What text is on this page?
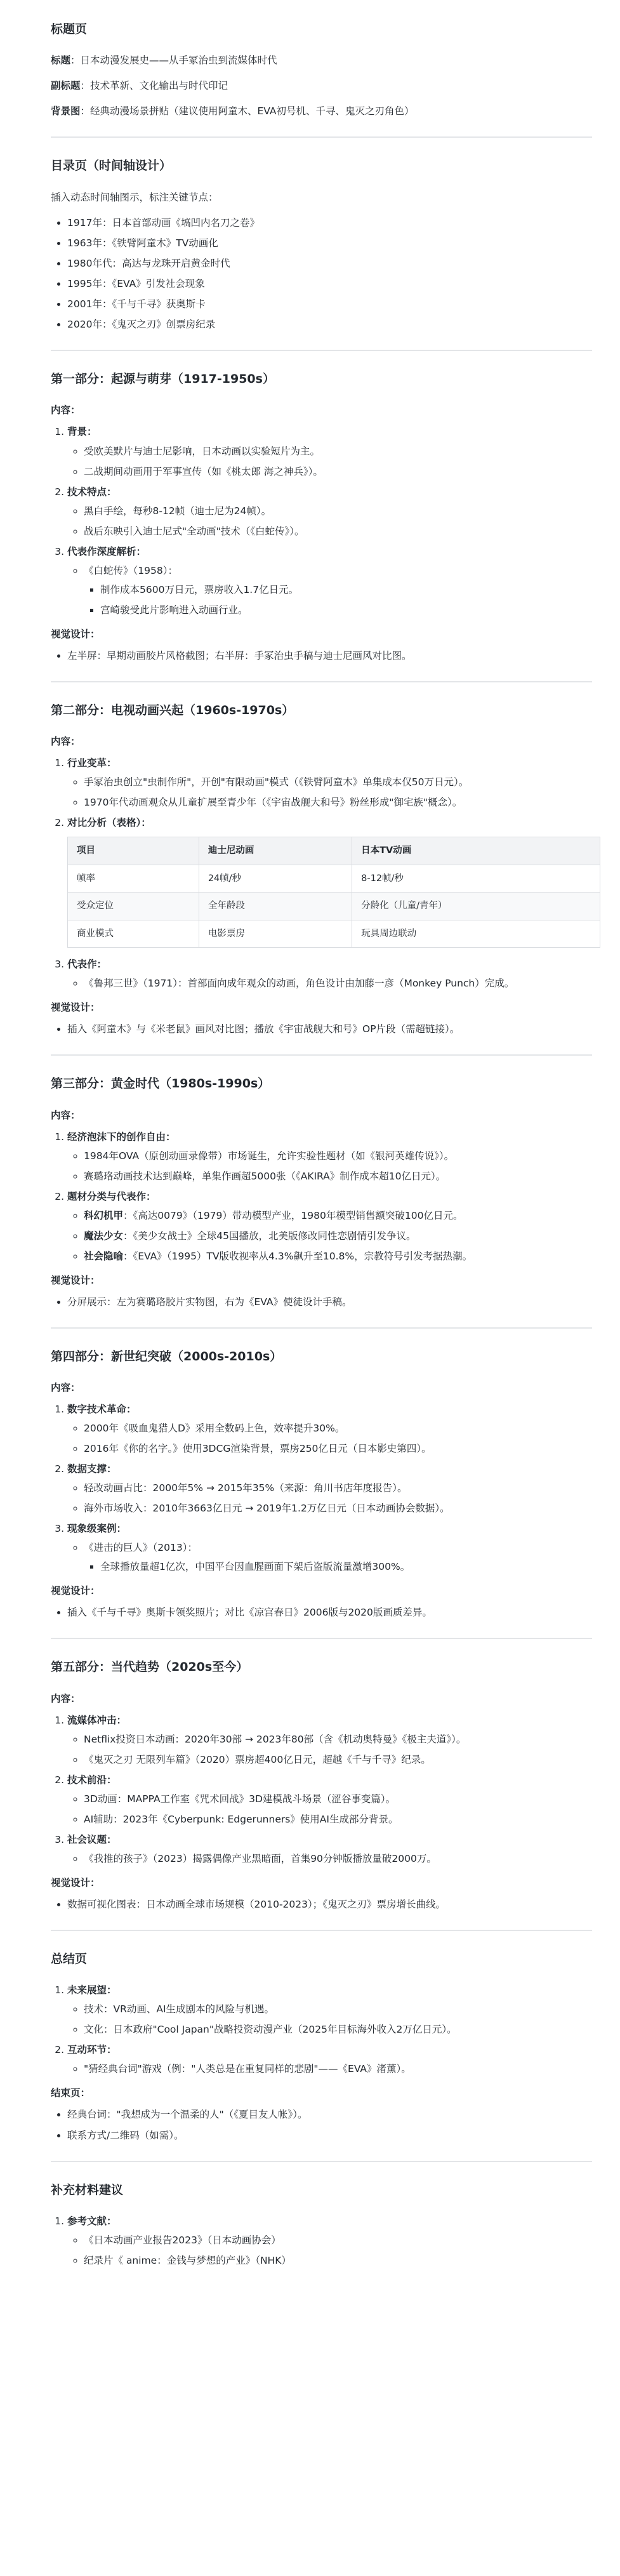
标题页

标题：日本动漫发展史——从手冢治虫到流媒体时代

副标题：技术革新、文化输出与时代印记

背景图：经典动漫场景拼贴（建议使用阿童木、EVA初号机、千寻、鬼灭之刃角色）

目录页（时间轴设计）

插入动态时间轴图示，标注关键节点：

• 1917年：日本首部动画《塙凹内名刀之卷》
• 1963年：《铁臂阿童木》TV动画化
• 1980年代：高达与龙珠开启黄金时代
• 1995年：《EVA》引发社会现象
• 2001年：《千与千寻》获奥斯卡
• 2020年：《鬼灭之刃》创票房纪录
第一部分：起源与萌芽（1917-1950s）

内容：

1. 背景：
◦ 受欧美默片与迪士尼影响，日本动画以实验短片为主。
◦ 二战期间动画用于军事宣传（如《桃太郎 海之神兵》）。
2. 技术特点：
◦ 黑白手绘，每秒8-12帧（迪士尼为24帧）。
◦ 战后东映引入迪士尼式"全动画"技术（《白蛇传》）。
3. 代表作深度解析：
◦ 《白蛇传》（1958）：
▪ 制作成本5600万日元，票房收入1.7亿日元。
▪ 宫崎骏受此片影响进入动画行业。

视觉设计：

• 左半屏：早期动画胶片风格截图；右半屏：手冢治虫手稿与迪士尼画风对比图。
第二部分：电视动画兴起（1960s-1970s）

内容：

1. 行业变革：
◦ 手冢治虫创立"虫制作所"，开创"有限动画"模式（《铁臂阿童木》单集成本仅50万日元）。
◦ 1970年代动画观众从儿童扩展至青少年（《宇宙战舰大和号》粉丝形成"御宅族"概念）。
2. 对比分析（表格）：
项目	迪士尼动画	日本TV动画
帧率	24帧/秒	8-12帧/秒
受众定位	全年龄段	分龄化（儿童/青年）
商业模式	电影票房	玩具周边联动
3. 代表作：
◦ 《鲁邦三世》（1971）：首部面向成年观众的动画，角色设计由加藤一彦（Monkey Punch）完成。

视觉设计：

• 插入《阿童木》与《米老鼠》画风对比图；播放《宇宙战舰大和号》OP片段（需超链接）。
第三部分：黄金时代（1980s-1990s）

内容：

1. 经济泡沫下的创作自由：
◦ 1984年OVA（原创动画录像带）市场诞生，允许实验性题材（如《银河英雄传说》）。
◦ 赛璐珞动画技术达到巅峰，单集作画超5000张（《AKIRA》制作成本超10亿日元）。
2. 题材分类与代表作：
◦ 科幻机甲：《高达0079》（1979）带动模型产业，1980年模型销售额突破100亿日元。
◦ 魔法少女：《美少女战士》全球45国播放，北美版修改同性恋剧情引发争议。
◦ 社会隐喻：《EVA》（1995）TV版收视率从4.3%飙升至10.8%，宗教符号引发考据热潮。

视觉设计：

• 分屏展示：左为赛璐珞胶片实物图，右为《EVA》使徒设计手稿。
第四部分：新世纪突破（2000s-2010s）

内容：

1. 数字技术革命：
◦ 2000年《吸血鬼猎人D》采用全数码上色，效率提升30%。
◦ 2016年《你的名字。》使用3DCG渲染背景，票房250亿日元（日本影史第四）。
2. 数据支撑：
◦ 轻改动画占比：2000年5% → 2015年35%（来源：角川书店年度报告）。
◦ 海外市场收入：2010年3663亿日元 → 2019年1.2万亿日元（日本动画协会数据）。
3. 现象级案例：
◦ 《进击的巨人》（2013）：
▪ 全球播放量超1亿次，中国平台因血腥画面下架后盗版流量激增300%。

视觉设计：

• 插入《千与千寻》奥斯卡领奖照片；对比《凉宫春日》2006版与2020版画质差异。
第五部分：当代趋势（2020s至今）

内容：

1. 流媒体冲击：
◦ Netflix投资日本动画：2020年30部 → 2023年80部（含《机动奥特曼》《极主夫道》）。
◦ 《鬼灭之刃 无限列车篇》（2020）票房超400亿日元，超越《千与千寻》纪录。
2. 技术前沿：
◦ 3D动画：MAPPA工作室《咒术回战》3D建模战斗场景（涩谷事变篇）。
◦ AI辅助：2023年《Cyberpunk: Edgerunners》使用AI生成部分背景。
3. 社会议题：
◦ 《我推的孩子》（2023）揭露偶像产业黑暗面，首集90分钟版播放量破2000万。

视觉设计：

• 数据可视化图表：日本动画全球市场规模（2010-2023）；《鬼灭之刃》票房增长曲线。
总结页
1. 未来展望：
◦ 技术：VR动画、AI生成剧本的风险与机遇。
◦ 文化：日本政府"Cool Japan"战略投资动漫产业（2025年目标海外收入2万亿日元）。
2. 互动环节：
◦ "猜经典台词"游戏（例："人类总是在重复同样的悲剧"——《EVA》渚薰）。

结束页：

• 经典台词："我想成为一个温柔的人"（《夏目友人帐》）。
• 联系方式/二维码（如需）。
补充材料建议
1. 参考文献：
◦ 《日本动画产业报告2023》（日本动画协会）
◦ 纪录片《 anime：金钱与梦想的产业》（NHK）
